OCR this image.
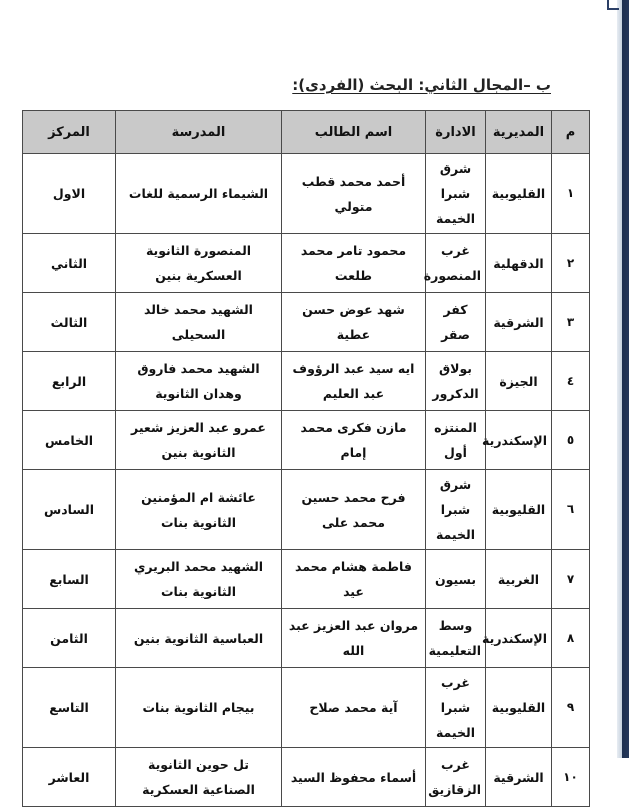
ب –المجال الثاني: البحث (الفردى):
م	المديرية	الادارة	اسم الطالب	المدرسة	المركز
١	القليوبية	شرق شبرا الخيمة	أحمد محمد قطب متولي	الشيماء الرسمية للغات	الاول
٢	الدقهلية	غرب المنصورة	محمود تامر محمد طلعت	المنصورة الثانوية العسكرية بنين	الثاني
٣	الشرقية	كفر صقر	شهد عوض حسن عطية	الشهيد محمد خالد السحيلى	الثالث
٤	الجيزة	بولاق الدكرور	ايه سيد عبد الرؤوف عبد العليم	الشهيد محمد فاروق وهدان الثانوية	الرابع
٥	الإسكندرية	المنتزه أول	مازن فكرى محمد إمام	عمرو عبد العزيز شعير الثانوية بنين	الخامس
٦	القليوبية	شرق شبرا الخيمة	فرح محمد حسين محمد على	عائشة ام المؤمنين الثانوية بنات	السادس
٧	الغربية	بسيون	فاطمة هشام محمد عيد	الشهيد محمد البريري الثانوية بنات	السابع
٨	الإسكندرية	وسط التعليمية	مروان عبد العزيز عبد الله	العباسية الثانوية بنين	الثامن
٩	القليوبية	غرب شبرا الخيمة	آية محمد صلاح	بيجام الثانوية بنات	التاسع
١٠	الشرقية	غرب الزقازيق	أسماء محفوظ السيد	تل حوين الثانوية الصناعية العسكرية	العاشر
